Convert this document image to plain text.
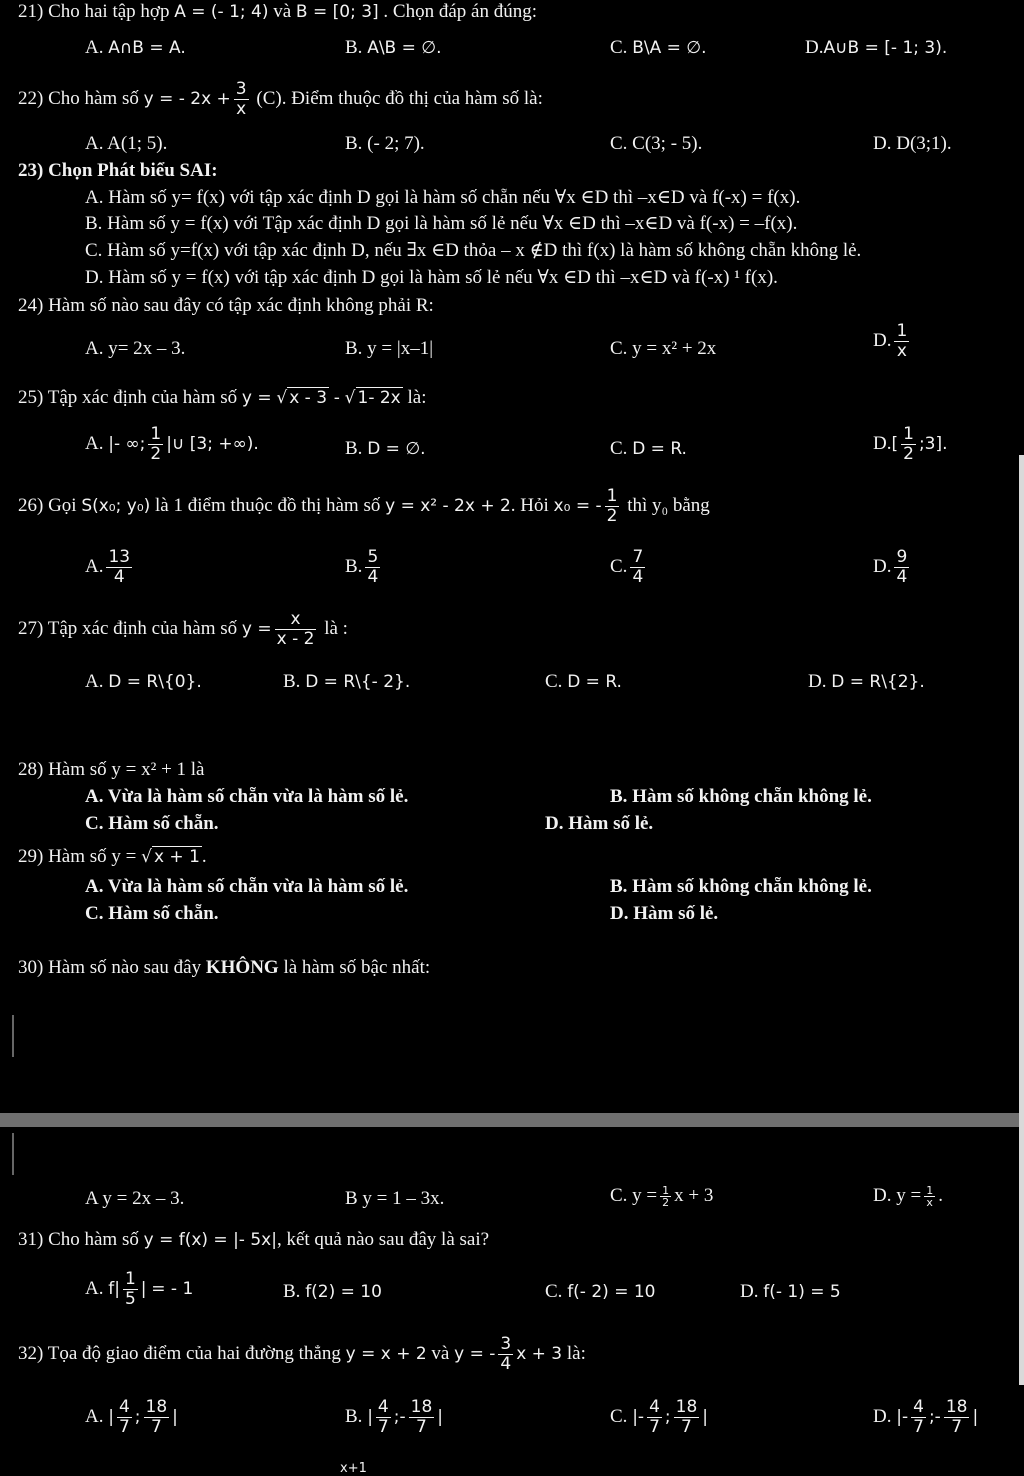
21) Cho hai tập hợp A = (- 1; 4) và B = [0; 3] . Chọn đáp án đúng:
A. A∩B = A.	B. A\B = ∅.	C. B\A = ∅.	D.A∪B = [- 1; 3).
22) Cho hàm số y = - $2x + \frac{3}{x} (C)$. Điểm thuộc đồ thị của hàm số là:
A. A(1; 5).	B. (- 2; 7).	C. C(3; - 5).	D. D(3;1).
23) Chọn Phát biểu SAI:
A. Hàm số y= f(x) với tập xác định D gọi là hàm số chẵn nếu ∀x ∈D thì –x∈D và f(-x) = f(x).
B. Hàm số y = f(x) với Tập xác định D gọi là hàm số lẻ nếu ∀x ∈D thì –x∈D và f(-x) = –f(x).
C. Hàm số y=f(x) với tập xác định D, nếu ∃x ∈D thỏa – x ∉D thì f(x) là hàm số không chẵn không lẻ.
D. Hàm số y = f(x) với tập xác định D gọi là hàm số lẻ nếu ∀x ∈D thì –x∈D và f(-x) ¹ f(x).
24) Hàm số nào sau đây có tập xác định không phải R:
A. y= 2x – 3.	B. y = |x–1|	C. y = x² + 2x	D. $\frac{1}{x}$
25) Tập xác định của hàm số y = √ x - 3 - √ 1- 2x là:
A. |- ∞; $\frac{1}{2}$ |∪ [3; +∞).	B. D = ∅.	C. D = R.	$D.[ \frac{1}{2}$ ;3].
26) Gọi S(x₀; y₀) là 1 điểm thuộc đồ thị hàm số y = x² - 2x + 2. Hỏi x₀ = - $\frac{1}{2}$ thì y₀ bằng
A. $\frac{13}{4}$	B. $\frac{5}{4}$	C. $\frac{7}{4}$	D. $\frac{9}{4}$
27) Tập xác định của hàm số $y = \frac{x}{x - 2}$ là :
A. D = R\{0}.	B. D = R\{- 2}.	C. D = R.	D. D = R\{2}.
28) Hàm số y = x² + 1 là
A. Vừa là hàm số chẵn vừa là hàm số lẻ.	B. Hàm số không chẵn không lẻ.
C. Hàm số chẵn.	D. Hàm số lẻ.
29) Hàm số y = √ x + 1 .
A. Vừa là hàm số chẵn vừa là hàm số lẻ.	B. Hàm số không chẵn không lẻ.
C. Hàm số chẵn.	D. Hàm số lẻ.
30) Hàm số nào sau đây KHÔNG là hàm số bậc nhất:
A y = 2x – 3.	B y = 1 – 3x.	C. $y = \frac{1}{2}$ x + 3	D. $y = \frac{1}{x}$ .
31) Cho hàm số y = f(x) = |- 5x|, kết quả nào sau đây là sai?
A. $f| \frac{1}{5}$ | = - 1	B. f(2) = 10	C. f(- 2) = 10	D. f(- 1) = 5
32) Tọa độ giao điểm của hai đường thẳng y = x + 2 và y = - $\frac{3}{4}$ x + 3 là:
A. | $\frac{4}{7}$ ; $\frac{18}{7}$ |	B. | $\frac{4}{7}$ ;- $\frac{18}{7}$ |	C. |- $\frac{4}{7}$ ; $\frac{18}{7}$ |	D. |- $\frac{4}{7}$ ;- $\frac{18}{7}$ |
x+1
